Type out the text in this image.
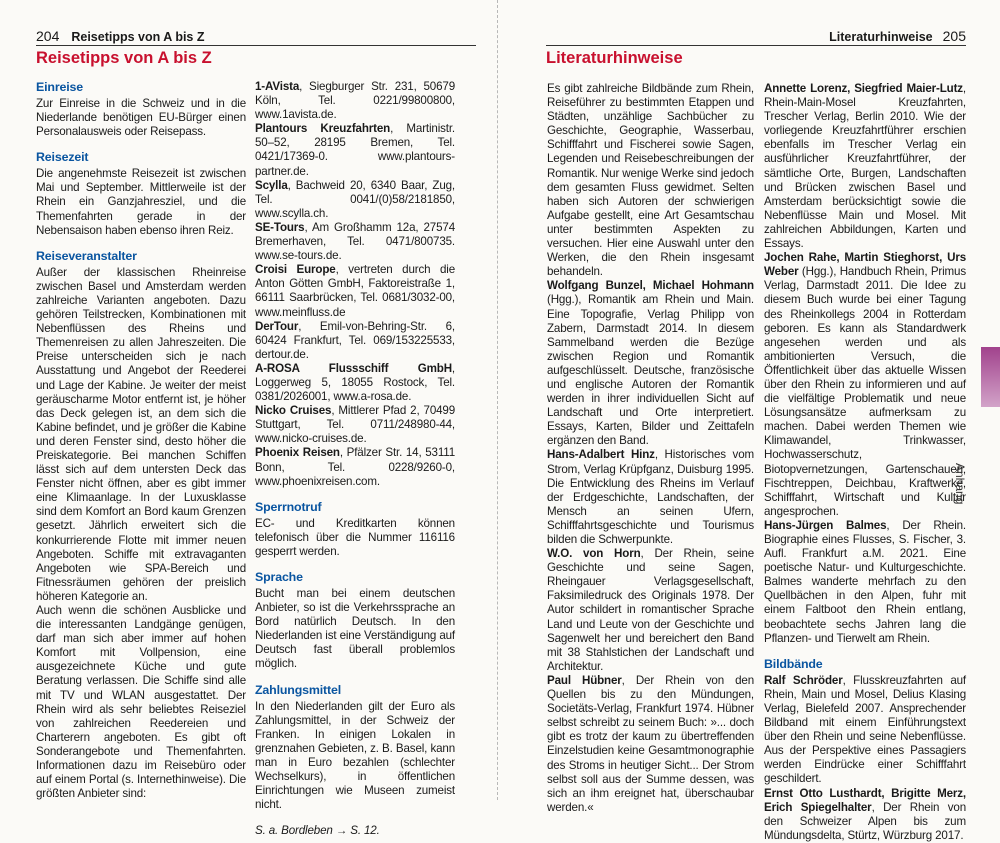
204 Reisetipps von A bis Z
Reisetipps von A bis Z
Einreise

Zur Einreise in die Schweiz und in die Niederlande benötigen EU-Bürger einen Personalausweis oder Reisepass.

Reisezeit

Die angenehmste Reisezeit ist zwischen Mai und September. Mittlerweile ist der Rhein ein Ganzjahresziel, und die Themenfahrten gerade in der Nebensaison haben ebenso ihren Reiz.

Reiseveranstalter

Außer der klassischen Rheinreise zwischen Basel und Amsterdam werden zahlreiche Varianten angeboten. Dazu gehören Teilstrecken, Kombinationen mit Nebenflüssen des Rheins und Themenreisen zu allen Jahreszeiten. Die Preise unterscheiden sich je nach Ausstattung und Angebot der Reederei und Lage der Kabine. Je weiter der meist geräuscharme Motor entfernt ist, je höher das Deck gelegen ist, an dem sich die Kabine befindet, und je größer die Kabine und deren Fenster sind, desto höher die Preiskategorie. Bei manchen Schiffen lässt sich auf dem untersten Deck das Fenster nicht öffnen, aber es gibt immer eine Klimaanlage. In der Luxusklasse sind dem Komfort an Bord kaum Grenzen gesetzt. Jährlich erweitert sich die konkurrierende Flotte mit immer neuen Angeboten. Schiffe mit extravaganten Angeboten wie SPA-Bereich und Fitnessräumen gehören der preislich höheren Kategorie an.

Auch wenn die schönen Ausblicke und die interessanten Landgänge genügen, darf man sich aber immer auf hohen Komfort mit Vollpension, eine ausgezeichnete Küche und gute Beratung verlassen. Die Schiffe sind alle mit TV und WLAN ausgestattet. Der Rhein wird als sehr beliebtes Reiseziel von zahlreichen Reedereien und Charterern angeboten. Es gibt oft Sonderangebote und Themenfahrten. Informationen dazu im Reisebüro oder auf einem Portal (s. Internethinweise). Die größten Anbieter sind:

1-AVista, Siegburger Str. 231, 50679 Köln, Tel. 0221/99800800, www.1avista.de.

Plantours Kreuzfahrten, Martinistr. 50–52, 28195 Bremen, Tel. 0421/17369-0. www.plantours-partner.de.

Scylla, Bachweid 20, 6340 Baar, Zug, Tel. 0041/(0)58/2181850, www.scylla.ch.

SE-Tours, Am Großhamm 12a, 27574 Bremerhaven, Tel. 0471/800735. www.se-tours.de.

Croisi Europe, vertreten durch die Anton Götten GmbH, Faktoreistraße 1, 66111 Saarbrücken, Tel. 0681/3032-00, www.meinfluss.de

DerTour, Emil-von-Behring-Str. 6, 60424 Frankfurt, Tel. 069/153225533, dertour.de.

A-ROSA Flussschiff GmbH, Loggerweg 5, 18055 Rostock, Tel. 0381/2026001, www.a-rosa.de.

Nicko Cruises, Mittlerer Pfad 2, 70499 Stuttgart, Tel. 0711/248980-44, www.nicko-cruises.de.

Phoenix Reisen, Pfälzer Str. 14, 53111 Bonn, Tel. 0228/9260-0, www.phoenixreisen.com.

Sperrnotruf

EC- und Kreditkarten können telefonisch über die Nummer 116116 gesperrt werden.

Sprache

Bucht man bei einem deutschen Anbieter, so ist die Verkehrssprache an Bord natürlich Deutsch. In den Niederlanden ist eine Verständigung auf Deutsch fast überall problemlos möglich.

Zahlungsmittel

In den Niederlanden gilt der Euro als Zahlungsmittel, in der Schweiz der Franken. In einigen Lokalen in grenznahen Gebieten, z. B. Basel, kann man in Euro bezahlen (schlechter Wechselkurs), in öffentlichen Einrichtungen wie Museen zumeist nicht.

S. a. Bordleben → S. 12.

Literaturhinweise 205
Literaturhinweise

Es gibt zahlreiche Bildbände zum Rhein, Reiseführer zu bestimmten Etappen und Städten, unzählige Sachbücher zu Geschichte, Geographie, Wasserbau, Schifffahrt und Fischerei sowie Sagen, Legenden und Reisebeschreibungen der Romantik. Nur wenige Werke sind jedoch dem gesamten Fluss gewidmet. Selten haben sich Autoren der schwierigen Aufgabe gestellt, eine Art Gesamtschau unter bestimmten Aspekten zu versuchen. Hier eine Auswahl unter den Werken, die den Rhein insgesamt behandeln.

Wolfgang Bunzel, Michael Hohmann (Hgg.), Romantik am Rhein und Main. Eine Topografie, Verlag Philipp von Zabern, Darmstadt 2014. In diesem Sammelband werden die Bezüge zwischen Region und Romantik aufgeschlüsselt. Deutsche, französische und englische Autoren der Romantik werden in ihrer individuellen Sicht auf Landschaft und Orte interpretiert. Essays, Karten, Bilder und Zeittafeln ergänzen den Band.

Hans-Adalbert Hinz, Historisches vom Strom, Verlag Krüpfganz, Duisburg 1995. Die Entwicklung des Rheins im Verlauf der Erdgeschichte, Landschaften, der Mensch an seinen Ufern, Schifffahrtsgeschichte und Tourismus bilden die Schwerpunkte.

W.O. von Horn, Der Rhein, seine Geschichte und seine Sagen, Rheingauer Verlagsgesellschaft, Faksimiledruck des Originals 1978. Der Autor schildert in romantischer Sprache Land und Leute von der Geschichte und Sagenwelt her und bereichert den Band mit 38 Stahlstichen der Landschaft und Architektur.

Paul Hübner, Der Rhein von den Quellen bis zu den Mündungen, Societäts-Verlag, Frankfurt 1974. Hübner selbst schreibt zu seinem Buch: »... doch gibt es trotz der kaum zu übertreffenden Einzelstudien keine Gesamtmonographie des Stroms in heutiger Sicht... Der Strom selbst soll aus der Summe dessen, was sich an ihm ereignet hat, überschaubar werden.«

Annette Lorenz, Siegfried Maier-Lutz, Rhein-Main-Mosel Kreuzfahrten, Trescher Verlag, Berlin 2010. Wie der vorliegende Kreuzfahrtführer erschien ebenfalls im Trescher Verlag ein ausführlicher Kreuzfahrtführer, der sämtliche Orte, Burgen, Landschaften und Brücken zwischen Basel und Amsterdam berücksichtigt sowie die Nebenflüsse Main und Mosel. Mit zahlreichen Abbildungen, Karten und Essays.

Jochen Rahe, Martin Stieghorst, Urs Weber (Hgg.), Handbuch Rhein, Primus Verlag, Darmstadt 2011. Die Idee zu diesem Buch wurde bei einer Tagung des Rheinkollegs 2004 in Rotterdam geboren. Es kann als Standardwerk angesehen werden und als ambitionierten Versuch, die Öffentlichkeit über das aktuelle Wissen über den Rhein zu informieren und auf die vielfältige Problematik und neue Lösungsansätze aufmerksam zu machen. Dabei werden Themen wie Klimawandel, Trinkwasser, Hochwasserschutz, Biotopvernetzungen, Gartenschauen, Fischtreppen, Deichbau, Kraftwerke, Schifffahrt, Wirtschaft und Kultur angesprochen.

Hans-Jürgen Balmes, Der Rhein. Biographie eines Flusses, S. Fischer, 3. Aufl. Frankfurt a.M. 2021. Eine poetische Natur- und Kulturgeschichte. Balmes wanderte mehrfach zu den Quellbächen in den Alpen, fuhr mit einem Faltboot den Rhein entlang, beobachtete sechs Jahren lang die Pflanzen- und Tierwelt am Rhein.

Bildbände

Ralf Schröder, Flusskreuzfahrten auf Rhein, Main und Mosel, Delius Klasing Verlag, Bielefeld 2007. Ansprechender Bildband mit einem Einführungstext über den Rhein und seine Nebenflüsse. Aus der Perspektive eines Passagiers werden Eindrücke einer Schifffahrt geschildert.

Ernst Otto Lusthardt, Brigitte Merz, Erich Spiegelhalter, Der Rhein von den Schweizer Alpen bis zum Mündungsdelta, Stürtz, Würzburg 2017.

Anhang
